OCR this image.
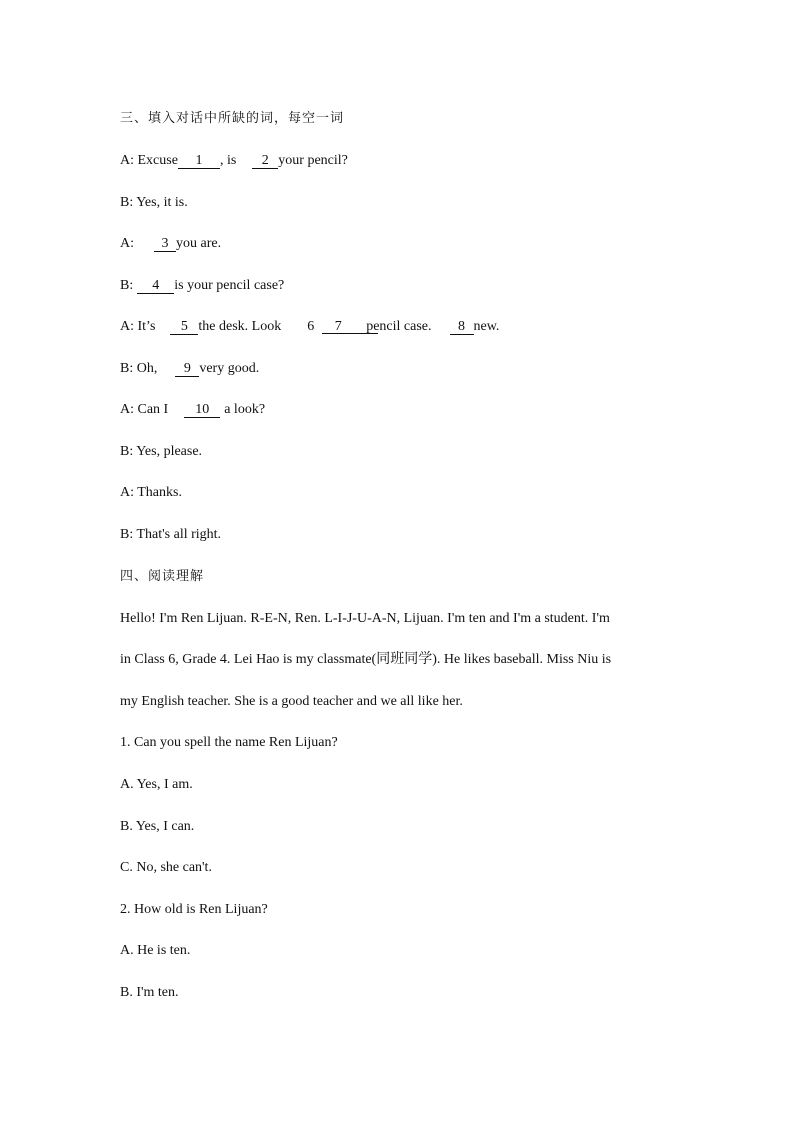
三、填入对话中所缺的词，每空一词
A: Excuse 1 , is 2 your pencil?
B: Yes, it is.
A: 3 you are.
B: 4 is your pencil case?
A: It’s 5 the desk. Look 6 7 pencil case. 8 new.
B: Oh, 9 very good.
A: Can I 10 a look?
B: Yes, please.
A: Thanks.
B: That's all right.
四、阅读理解
Hello! I'm Ren Lijuan. R-E-N, Ren. L-I-J-U-A-N, Lijuan. I'm ten and I'm a student. I'm
in Class 6, Grade 4. Lei Hao is my classmate(同班同学). He likes baseball. Miss Niu is
my English teacher. She is a good teacher and we all like her.
1. Can you spell the name Ren Lijuan?
A. Yes, I am.
B. Yes, I can.
C. No, she can't.
2. How old is Ren Lijuan?
A. He is ten.
B. I'm ten.
